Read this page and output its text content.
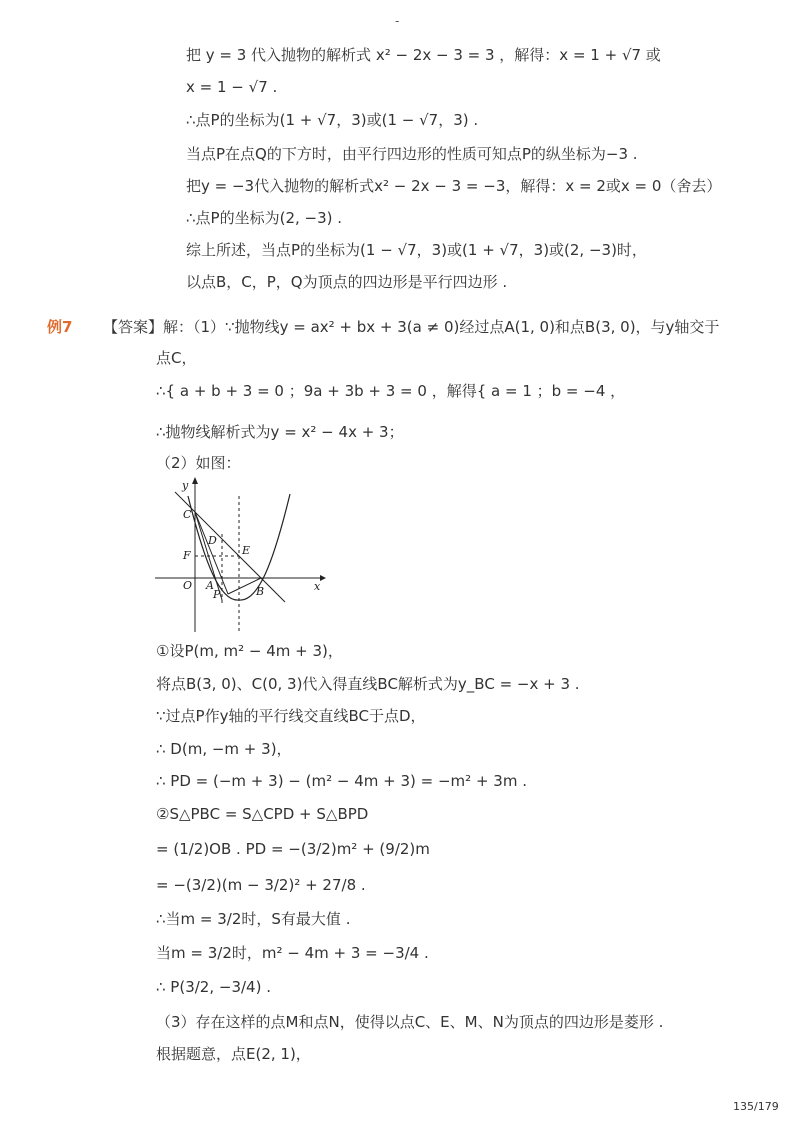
-
把 y = 3 代入抛物的解析式 x² − 2x − 3 = 3 ，解得：x = 1 + √7 或
x = 1 − √7 .
∴点P的坐标为(1 + √7，3)或(1 − √7，3) .
当点P在点Q的下方时，由平行四边形的性质可知点P的纵坐标为−3 .
把y = −3代入抛物的解析式x² − 2x − 3 = −3，解得：x = 2或x = 0（舍去）
∴点P的坐标为(2, −3) .
综上所述，当点P的坐标为(1 − √7，3)或(1 + √7，3)或(2, −3)时，
以点B，C，P，Q为顶点的四边形是平行四边形 .
例7 【答案】解：（1）∵抛物线y = ax² + bx + 3(a ≠ 0)经过点A(1, 0)和点B(3, 0)，与y轴交于
点C，
∴{ a + b + 3 = 0 ；9a + 3b + 3 = 0 ，解得{ a = 1 ；b = −4 ，
∴抛物线解析式为y = x² − 4x + 3；
（2）如图：
y
x
O
C
F
D
E
A
P	B
①设P(m, m² − 4m + 3)，
将点B(3, 0)、C(0, 3)代入得直线BC解析式为y_BC = −x + 3 .
∵过点P作y轴的平行线交直线BC于点D，
∴ D(m, −m + 3)，
∴ PD = (−m + 3) − (m² − 4m + 3) = −m² + 3m .
②S△PBC = S△CPD + S△BPD
= (1/2)OB . PD = −(3/2)m² + (9/2)m
= −(3/2)(m − 3/2)² + 27/8 .
∴当m = 3/2时，S有最大值 .
当m = 3/2时，m² − 4m + 3 = −3/4 .
∴ P(3/2, −3/4) .
（3）存在这样的点M和点N，使得以点C、E、M、N为顶点的四边形是菱形 .
根据题意，点E(2, 1)，
135/179
